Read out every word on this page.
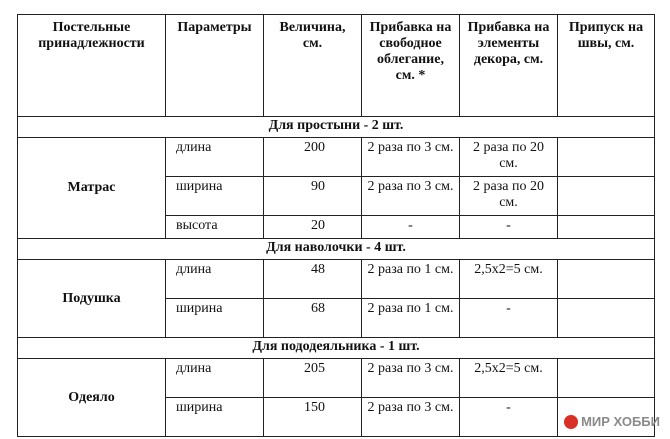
Постельные принадлежности	Параметры	Величина, см.	Прибавка на свободное облегание, см. *	Прибавка на элементы декора, см.	Припуск на швы, см.
Для простыни - 2 шт.					
Матрас	длина	200	2 раза по 3 см.	2 раза по 20 см.	
	ширина	90	2 раза по 3 см.	2 раза по 20 см.	
	высота	20	-	-	
Для наволочки - 4 шт.					
Подушка	длина	48	2 раза по 1 см.	2,5х2=5 см.	
	ширина	68	2 раза по 1 см.	-	
Для пододеяльника - 1 шт.					
Одеяло	длина	205	2 раза по 3 см.	2,5х2=5 см.	
	ширина	150	2 раза по 3 см.	-	
МИР ХОББИ
